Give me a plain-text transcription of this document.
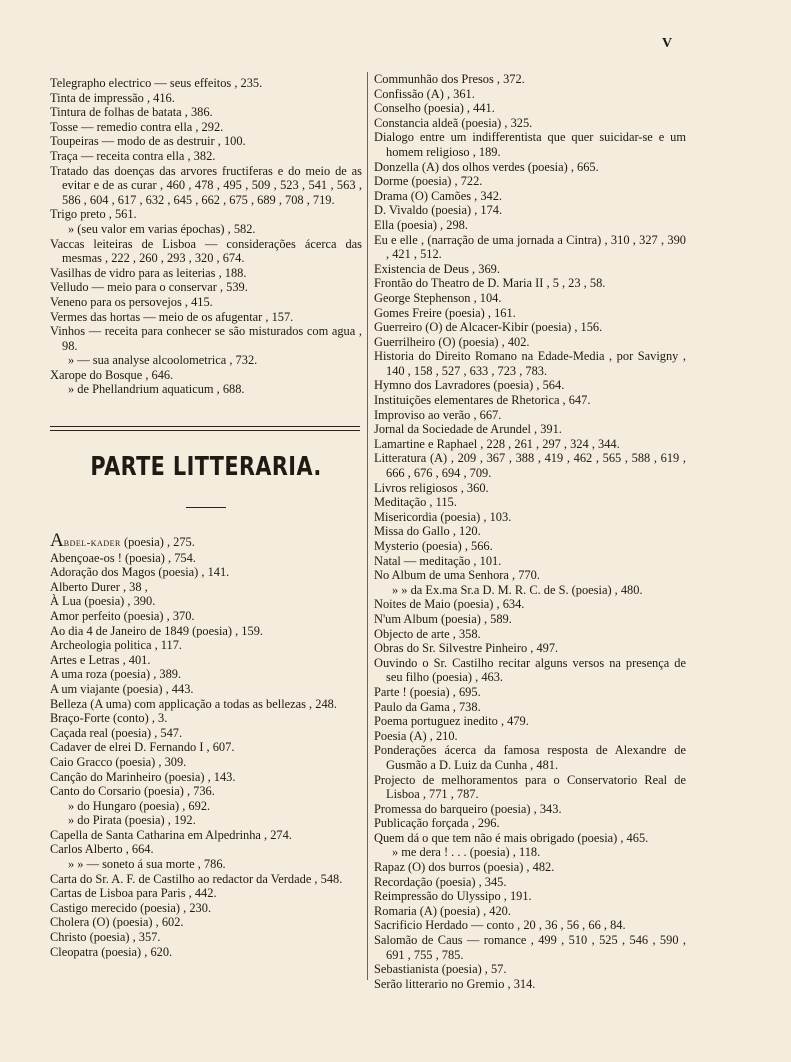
V
Telegrapho electrico — seus effeitos , 235.
Tinta de impressão , 416.
Tintura de folhas de batata , 386.
Tosse — remedio contra ella , 292.
Toupeiras — modo de as destruir , 100.
Traça — receita contra ella , 382.
Tratado das doenças das arvores fructiferas e do meio de as evitar e de as curar , 460 , 478 , 495 , 509 , 523 , 541 , 563 , 586 , 604 , 617 , 632 , 645 , 662 , 675 , 689 , 708 , 719.
Trigo preto , 561.
» (seu valor em varias épochas) , 582.
Vaccas leiteiras de Lisboa — considerações ácerca das mesmas , 222 , 260 , 293 , 320 , 674.
Vasilhas de vidro para as leiterias , 188.
Velludo — meio para o conservar , 539.
Veneno para os persovejos , 415.
Vermes das hortas — meio de os afugentar , 157.
Vinhos — receita para conhecer se são misturados com agua , 98.
» — sua analyse alcoolometrica , 732.
Xarope do Bosque , 646.
» de Phellandrium aquaticum , 688.
PARTE LITTERARIA.
Abdel-kader (poesia) , 275.
Abençoae-os ! (poesia) , 754.
Adoração dos Magos (poesia) , 141.
Alberto Durer , 38 ,
À Lua (poesia) , 390.
Amor perfeito (poesia) , 370.
Ao dia 4 de Janeiro de 1849 (poesia) , 159.
Archeologia politica , 117.
Artes e Letras , 401.
A uma roza (poesia) , 389.
A um viajante (poesia) , 443.
Belleza (A uma) com applicação a todas as bellezas , 248.
Braço-Forte (conto) , 3.
Caçada real (poesia) , 547.
Cadaver de elrei D. Fernando I , 607.
Caio Gracco (poesia) , 309.
Canção do Marinheiro (poesia) , 143.
Canto do Corsario (poesia) , 736.
» do Hungaro (poesia) , 692.
» do Pirata (poesia) , 192.
Capella de Santa Catharina em Alpedrinha , 274.
Carlos Alberto , 664.
» » — soneto á sua morte , 786.
Carta do Sr. A. F. de Castilho ao redactor da Verdade , 548.
Cartas de Lisboa para Paris , 442.
Castigo merecido (poesia) , 230.
Cholera (O) (poesia) , 602.
Christo (poesia) , 357.
Cleopatra (poesia) , 620.
Communhão dos Presos , 372.
Confissão (A) , 361.
Conselho (poesia) , 441.
Constancia aldeã (poesia) , 325.
Dialogo entre um indifferentista que quer suicidar-se e um homem religioso , 189.
Donzella (A) dos olhos verdes (poesia) , 665.
Dorme (poesia) , 722.
Drama (O) Camões , 342.
D. Vivaldo (poesia) , 174.
Ella (poesia) , 298.
Eu e elle , (narração de uma jornada a Cintra) , 310 , 327 , 390 , 421 , 512.
Existencia de Deus , 369.
Frontão do Theatro de D. Maria II , 5 , 23 , 58.
George Stephenson , 104.
Gomes Freire (poesia) , 161.
Guerreiro (O) de Alcacer-Kibir (poesia) , 156.
Guerrilheiro (O) (poesia) , 402.
Historia do Direito Romano na Edade-Media , por Savigny , 140 , 158 , 527 , 633 , 723 , 783.
Hymno dos Lavradores (poesia) , 564.
Instituições elementares de Rhetorica , 647.
Improviso ao verão , 667.
Jornal da Sociedade de Arundel , 391.
Lamartine e Raphael , 228 , 261 , 297 , 324 , 344.
Litteratura (A) , 209 , 367 , 388 , 419 , 462 , 565 , 588 , 619 , 666 , 676 , 694 , 709.
Livros religiosos , 360.
Meditação , 115.
Misericordia (poesia) , 103.
Missa do Gallo , 120.
Mysterio (poesia) , 566.
Natal — meditação , 101.
No Album de uma Senhora , 770.
» » da Ex.ma Sr.a D. M. R. C. de S. (poesia) , 480.
Noites de Maio (poesia) , 634.
N'um Album (poesia) , 589.
Objecto de arte , 358.
Obras do Sr. Silvestre Pinheiro , 497.
Ouvindo o Sr. Castilho recitar alguns versos na presença de seu filho (poesia) , 463.
Parte ! (poesia) , 695.
Paulo da Gama , 738.
Poema portuguez inedito , 479.
Poesia (A) , 210.
Ponderações ácerca da famosa resposta de Alexandre de Gusmão a D. Luiz da Cunha , 481.
Projecto de melhoramentos para o Conservatorio Real de Lisboa , 771 , 787.
Promessa do barqueiro (poesia) , 343.
Publicação forçada , 296.
Quem dá o que tem não é mais obrigado (poesia) , 465.
» me dera ! . . . (poesia) , 118.
Rapaz (O) dos burros (poesia) , 482.
Recordação (poesia) , 345.
Reimpressão do Ulyssipo , 191.
Romaria (A) (poesia) , 420.
Sacrificio Herdado — conto , 20 , 36 , 56 , 66 , 84.
Salomão de Caus — romance , 499 , 510 , 525 , 546 , 590 , 691 , 755 , 785.
Sebastianista (poesia) , 57.
Serão litterario no Gremio , 314.
